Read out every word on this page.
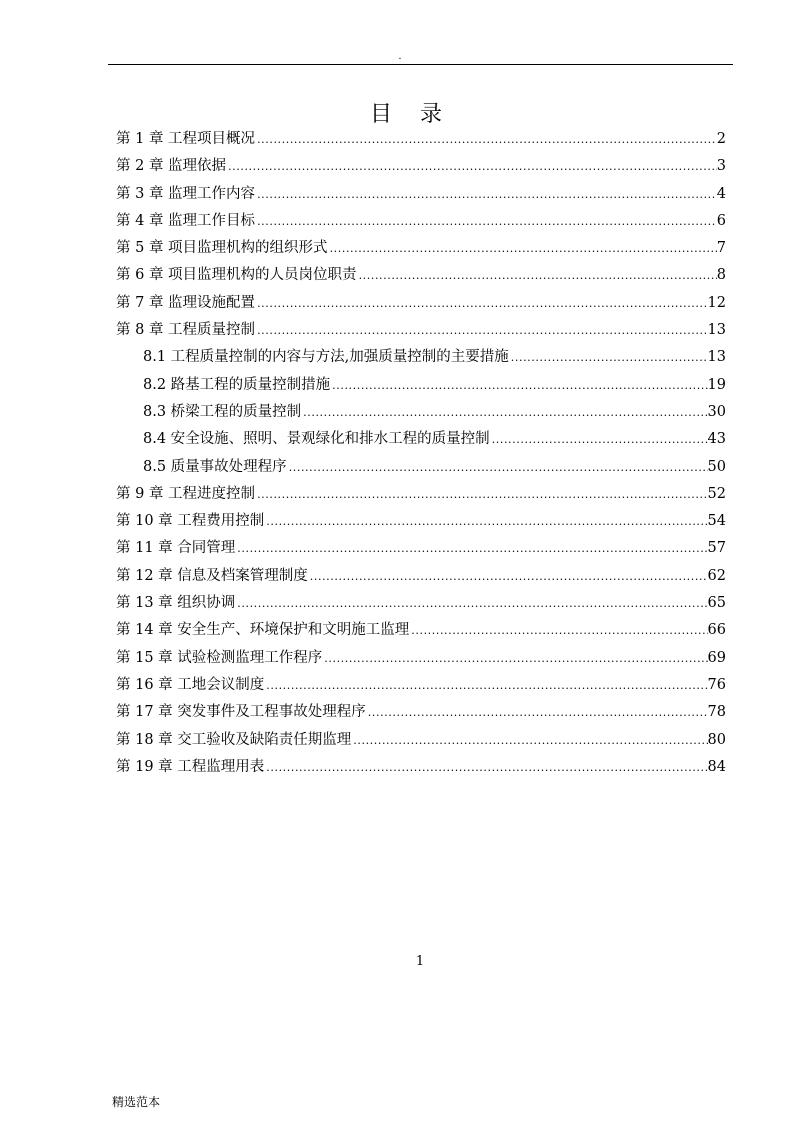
.
目录
第 1 章 工程项目概况 .....	2
第 2 章 监理依据 .....	3
第 3 章 监理工作内容 .....	4
第 4 章 监理工作目标 .....	6
第 5 章 项目监理机构的组织形式 .....	7
第 6 章 项目监理机构的人员岗位职责 .....	8
第 7 章 监理设施配置 .....	12
第 8 章 工程质量控制 .....	13
8.1 工程质量控制的内容与方法,加强质量控制的主要措施 .....	13
8.2 路基工程的质量控制措施 .....	19
8.3 桥梁工程的质量控制 .....	30
8.4 安全设施、照明、景观绿化和排水工程的质量控制 .....	43
8.5 质量事故处理程序 .....	50
第 9 章 工程进度控制 .....	52
第 10 章 工程费用控制 .....	54
第 11 章 合同管理 .....	57
第 12 章 信息及档案管理制度 .....	62
第 13 章 组织协调 .....	65
第 14 章 安全生产、环境保护和文明施工监理 .....	66
第 15 章 试验检测监理工作程序 .....	69
第 16 章 工地会议制度 .....	76
第 17 章 突发事件及工程事故处理程序 .....	78
第 18 章 交工验收及缺陷责任期监理 .....	80
第 19 章 工程监理用表 .....	84
1
精选范本
